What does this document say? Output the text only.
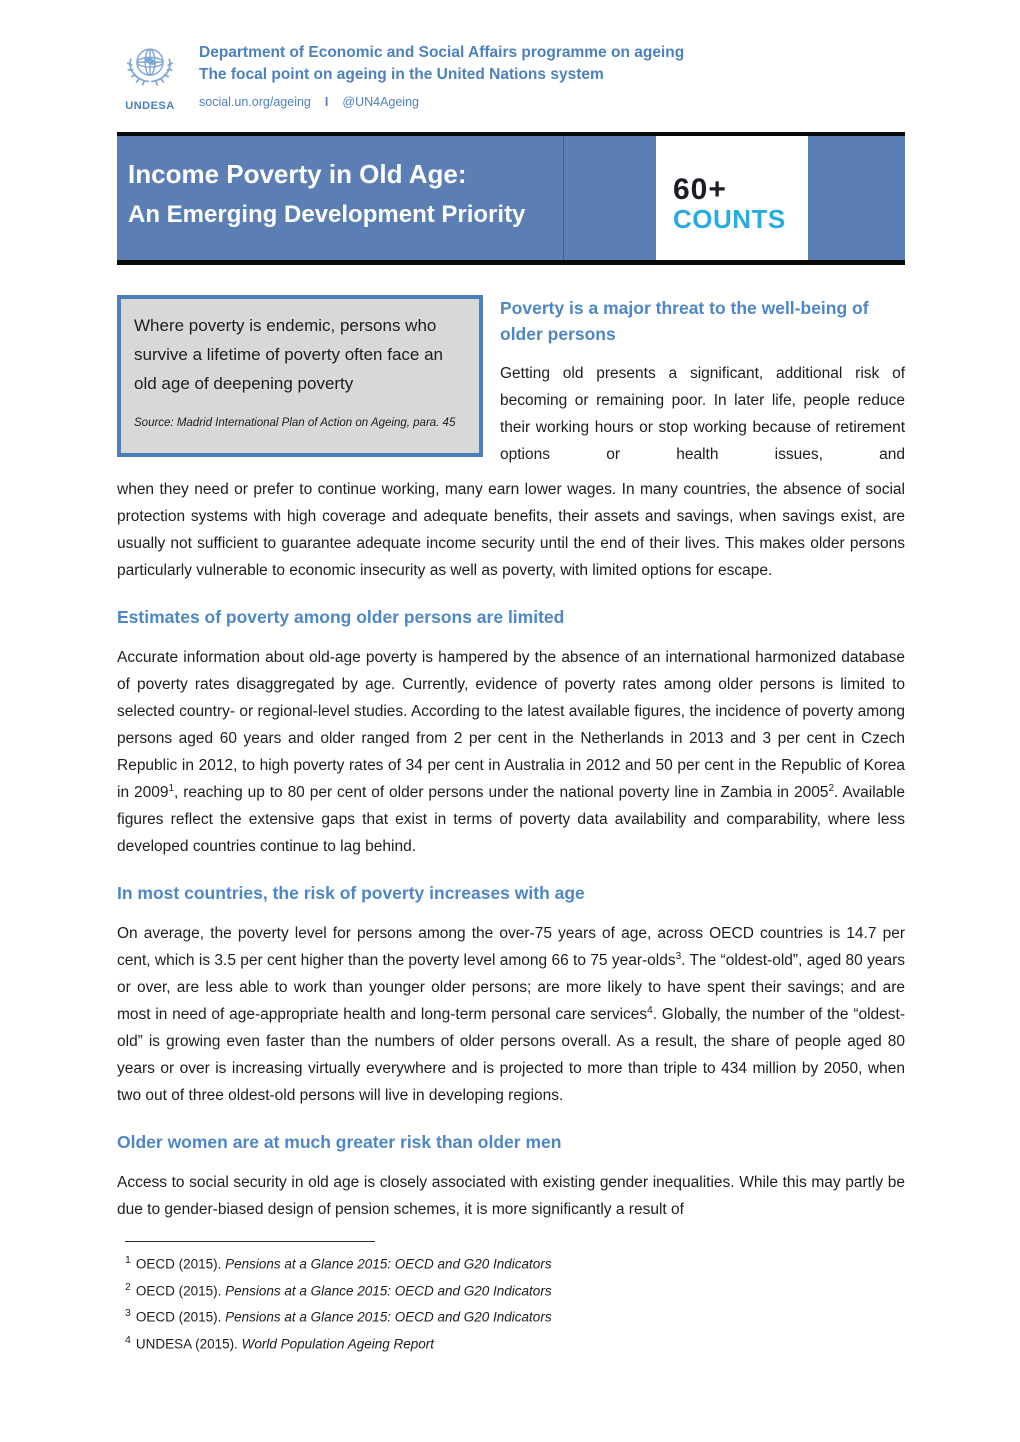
UNDESA
Department of Economic and Social Affairs programme on ageing
The focal point on ageing in the United Nations system
social.un.org/ageing I @UN4Ageing
Income Poverty in Old Age:
An Emerging Development Priority
60+
COUNTS
Where poverty is endemic, persons who survive a lifetime of poverty often face an old age of deepening poverty
Source: Madrid International Plan of Action on Ageing, para. 45
Poverty is a major threat to the well-being of older persons
Getting old presents a significant, additional risk of becoming or remaining poor. In later life, people reduce their working hours or stop working because of retirement options or health issues, and
when they need or prefer to continue working, many earn lower wages. In many countries, the absence of social protection systems with high coverage and adequate benefits, their assets and savings, when savings exist, are usually not sufficient to guarantee adequate income security until the end of their lives. This makes older persons particularly vulnerable to economic insecurity as well as poverty, with limited options for escape.
Estimates of poverty among older persons are limited
Accurate information about old-age poverty is hampered by the absence of an international harmonized database of poverty rates disaggregated by age. Currently, evidence of poverty rates among older persons is limited to selected country- or regional-level studies. According to the latest available figures, the incidence of poverty among persons aged 60 years and older ranged from 2 per cent in the Netherlands in 2013 and 3 per cent in Czech Republic in 2012, to high poverty rates of 34 per cent in Australia in 2012 and 50 per cent in the Republic of Korea in 2009$^1$, reaching up to 80 per cent of older persons under the national poverty line in Zambia in 2005$^2$. Available figures reflect the extensive gaps that exist in terms of poverty data availability and comparability, where less developed countries continue to lag behind.
In most countries, the risk of poverty increases with age
On average, the poverty level for persons among the over-75 years of age, across OECD countries is 14.7 per cent, which is 3.5 per cent higher than the poverty level among 66 to 75 year-olds$^3$. The “oldest-old”, aged 80 years or over, are less able to work than younger older persons; are more likely to have spent their savings; and are most in need of age-appropriate health and long-term personal care services$^4$. Globally, the number of the “oldest-old” is growing even faster than the numbers of older persons overall. As a result, the share of people aged 80 years or over is increasing virtually everywhere and is projected to more than triple to 434 million by 2050, when two out of three oldest-old persons will live in developing regions.
Older women are at much greater risk than older men
Access to social security in old age is closely associated with existing gender inequalities. While this may partly be due to gender-biased design of pension schemes, it is more significantly a result of
$^1$ OECD (2015). Pensions at a Glance 2015: OECD and G20 Indicators
$^2$ OECD (2015). Pensions at a Glance 2015: OECD and G20 Indicators
$^3$ OECD (2015). Pensions at a Glance 2015: OECD and G20 Indicators
$^4$ UNDESA (2015). World Population Ageing Report
